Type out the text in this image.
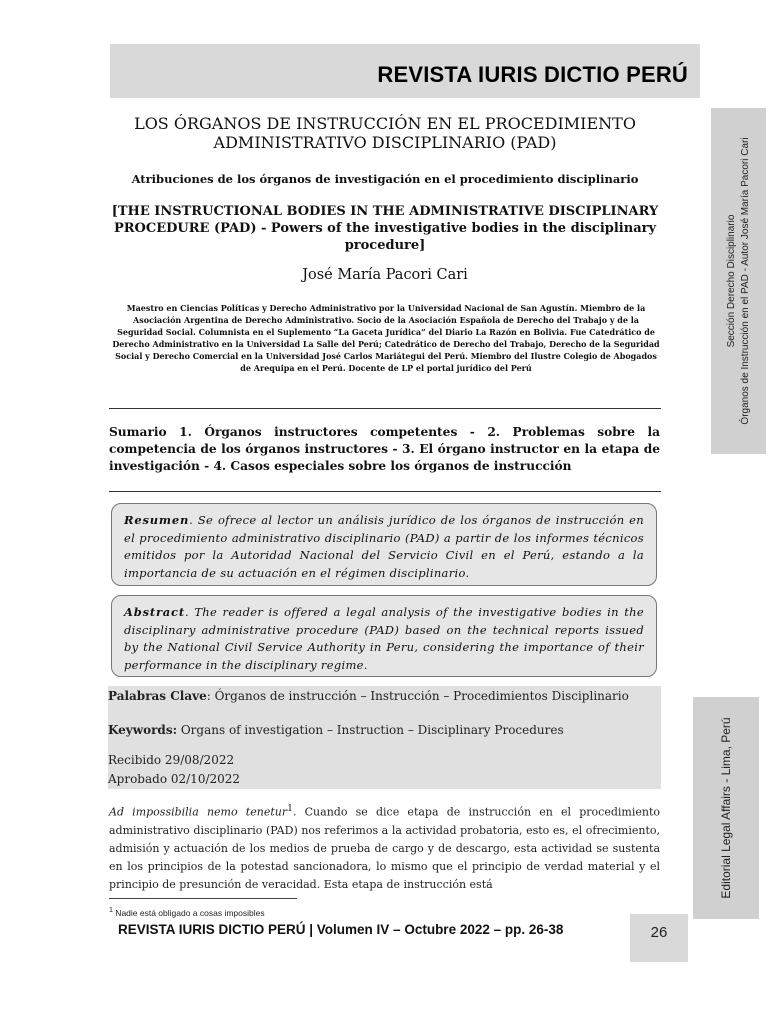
REVISTA IURIS DICTIO PERÚ
Sección Derecho Disciplinario Órganos de Instrucción en el PAD - Autor José María Pacori Cari
Editorial Legal Affairs - Lima, Perú
LOS ÓRGANOS DE INSTRUCCIÓN EN EL PROCEDIMIENTO ADMINISTRATIVO DISCIPLINARIO (PAD)
Atribuciones de los órganos de investigación en el procedimiento disciplinario
[THE INSTRUCTIONAL BODIES IN THE ADMINISTRATIVE DISCIPLINARY PROCEDURE (PAD) - Powers of the investigative bodies in the disciplinary procedure]
José María Pacori Cari
Maestro en Ciencias Políticas y Derecho Administrativo por la Universidad Nacional de San Agustín. Miembro de la Asociación Argentina de Derecho Administrativo. Socio de la Asociación Española de Derecho del Trabajo y de la Seguridad Social. Columnista en el Suplemento “La Gaceta Jurídica” del Diario La Razón en Bolivia. Fue Catedrático de Derecho Administrativo en la Universidad La Salle del Perú; Catedrático de Derecho del Trabajo, Derecho de la Seguridad Social y Derecho Comercial en la Universidad José Carlos Mariátegui del Perú. Miembro del Ilustre Colegio de Abogados de Arequipa en el Perú. Docente de LP el portal jurídico del Perú
Sumario 1. Órganos instructores competentes - 2. Problemas sobre la competencia de los órganos instructores - 3. El órgano instructor en la etapa de investigación - 4. Casos especiales sobre los órganos de instrucción
Resumen. Se ofrece al lector un análisis jurídico de los órganos de instrucción en el procedimiento administrativo disciplinario (PAD) a partir de los informes técnicos emitidos por la Autoridad Nacional del Servicio Civil en el Perú, estando a la importancia de su actuación en el régimen disciplinario.
Abstract. The reader is offered a legal analysis of the investigative bodies in the disciplinary administrative procedure (PAD) based on the technical reports issued by the National Civil Service Authority in Peru, considering the importance of their performance in the disciplinary regime.
Palabras Clave: Órganos de instrucción – Instrucción – Procedimientos Disciplinario
Keywords: Organs of investigation – Instruction – Disciplinary Procedures
Recibido 29/08/2022
Aprobado 02/10/2022
Ad impossibilia nemo tenetur$^1$. Cuando se dice etapa de instrucción en el procedimiento administrativo disciplinario (PAD) nos referimos a la actividad probatoria, esto es, el ofrecimiento, admisión y actuación de los medios de prueba de cargo y de descargo, esta actividad se sustenta en los principios de la potestad sancionadora, lo mismo que el principio de verdad material y el principio de presunción de veracidad. Esta etapa de instrucción está
$^1$ Nadie está obligado a cosas imposibles
REVISTA IURIS DICTIO PERÚ | Volumen IV – Octubre 2022 – pp. 26-38	26
